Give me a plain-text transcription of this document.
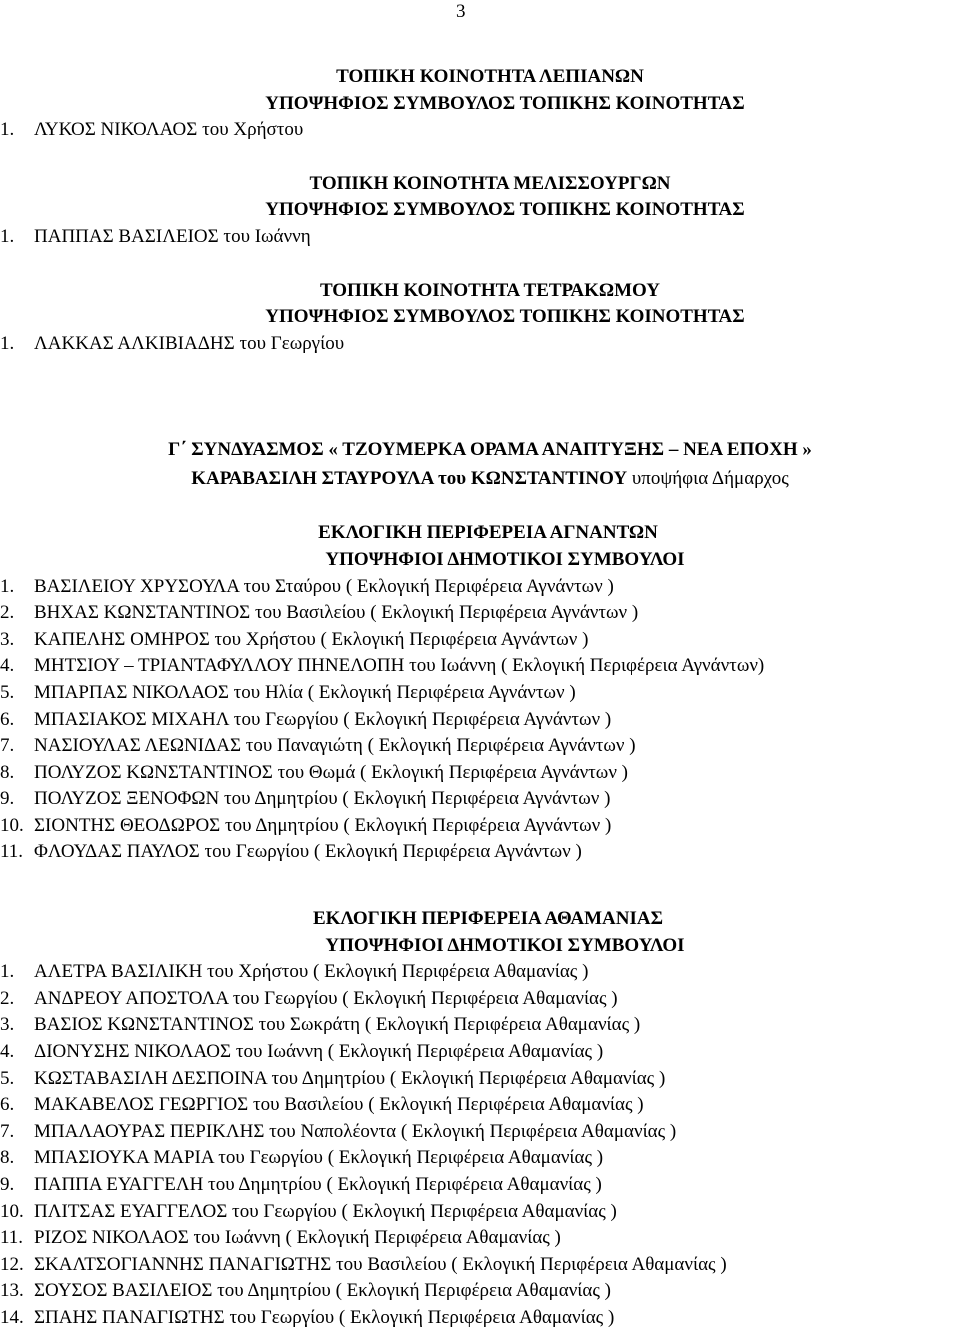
3
ΤΟΠΙΚΗ ΚΟΙΝΟΤΗΤΑ ΛΕΠΙΑΝΩΝ
ΥΠΟΨΗΦΙΟΣ ΣΥΜΒΟΥΛΟΣ ΤΟΠΙΚΗΣ ΚΟΙΝΟΤΗΤΑΣ
1. ΛΥΚΟΣ ΝΙΚΟΛΑΟΣ του Χρήστου
ΤΟΠΙΚΗ ΚΟΙΝΟΤΗΤΑ ΜΕΛΙΣΣΟΥΡΓΩΝ
ΥΠΟΨΗΦΙΟΣ ΣΥΜΒΟΥΛΟΣ ΤΟΠΙΚΗΣ ΚΟΙΝΟΤΗΤΑΣ
1. ΠΑΠΠΑΣ ΒΑΣΙΛΕΙΟΣ του Ιωάννη
ΤΟΠΙΚΗ ΚΟΙΝΟΤΗΤΑ ΤΕΤΡΑΚΩΜΟΥ
ΥΠΟΨΗΦΙΟΣ ΣΥΜΒΟΥΛΟΣ ΤΟΠΙΚΗΣ ΚΟΙΝΟΤΗΤΑΣ
1. ΛΑΚΚΑΣ ΑΛΚΙΒΙΑΔΗΣ του Γεωργίου
Γ΄ ΣΥΝΔΥΑΣΜΟΣ « ΤΖΟΥΜΕΡΚΑ ΟΡΑΜΑ ΑΝΑΠΤΥΞΗΣ – ΝΕΑ ΕΠΟΧΗ »
ΚΑΡΑΒΑΣΙΛΗ ΣΤΑΥΡΟΥΛΑ του ΚΩΝΣΤΑΝΤΙΝΟΥ υποψήφια Δήμαρχος
ΕΚΛΟΓΙΚΗ ΠΕΡΙΦΕΡΕΙΑ ΑΓΝΑΝΤΩΝ
ΥΠΟΨΗΦΙΟΙ ΔΗΜΟΤΙΚΟΙ ΣΥΜΒΟΥΛΟΙ
1. ΒΑΣΙΛΕΙΟΥ ΧΡΥΣΟΥΛΑ του Σταύρου ( Εκλογική Περιφέρεια Αγνάντων )
2. ΒΗΧΑΣ ΚΩΝΣΤΑΝΤΙΝΟΣ του Βασιλείου ( Εκλογική Περιφέρεια Αγνάντων )
3. ΚΑΠΕΛΗΣ ΟΜΗΡΟΣ του Χρήστου ( Εκλογική Περιφέρεια Αγνάντων )
4. ΜΗΤΣΙΟΥ – ΤΡΙΑΝΤΑΦΥΛΛΟΥ ΠΗΝΕΛΟΠΗ του Ιωάννη ( Εκλογική Περιφέρεια Αγνάντων)
5. ΜΠΑΡΠΑΣ ΝΙΚΟΛΑΟΣ του Ηλία ( Εκλογική Περιφέρεια Αγνάντων )
6. ΜΠΑΣΙΑΚΟΣ ΜΙΧΑΗΛ του Γεωργίου ( Εκλογική Περιφέρεια Αγνάντων )
7. ΝΑΣΙΟΥΛΑΣ ΛΕΩΝΙΔΑΣ του Παναγιώτη ( Εκλογική Περιφέρεια Αγνάντων )
8. ΠΟΛΥΖΟΣ ΚΩΝΣΤΑΝΤΙΝΟΣ του Θωμά ( Εκλογική Περιφέρεια Αγνάντων )
9. ΠΟΛΥΖΟΣ ΞΕΝΟΦΩΝ του Δημητρίου ( Εκλογική Περιφέρεια Αγνάντων )
10. ΣΙΟΝΤΗΣ ΘΕΟΔΩΡΟΣ του Δημητρίου ( Εκλογική Περιφέρεια Αγνάντων )
11. ΦΛΟΥΔΑΣ ΠΑΥΛΟΣ του Γεωργίου ( Εκλογική Περιφέρεια Αγνάντων )
ΕΚΛΟΓΙΚΗ ΠΕΡΙΦΕΡΕΙΑ ΑΘΑΜΑΝΙΑΣ
ΥΠΟΨΗΦΙΟΙ ΔΗΜΟΤΙΚΟΙ ΣΥΜΒΟΥΛΟΙ
1. ΑΛΕΤΡΑ ΒΑΣΙΛΙΚΗ του Χρήστου ( Εκλογική Περιφέρεια Αθαμανίας )
2. ΑΝΔΡΕΟΥ ΑΠΟΣΤΟΛΑ του Γεωργίου ( Εκλογική Περιφέρεια Αθαμανίας )
3. ΒΑΣΙΟΣ ΚΩΝΣΤΑΝΤΙΝΟΣ του Σωκράτη ( Εκλογική Περιφέρεια Αθαμανίας )
4. ΔΙΟΝΥΣΗΣ ΝΙΚΟΛΑΟΣ του Ιωάννη ( Εκλογική Περιφέρεια Αθαμανίας )
5. ΚΩΣΤΑΒΑΣΙΛΗ ΔΕΣΠΟΙΝΑ του Δημητρίου ( Εκλογική Περιφέρεια Αθαμανίας )
6. ΜΑΚΑΒΕΛΟΣ ΓΕΩΡΓΙΟΣ του Βασιλείου ( Εκλογική Περιφέρεια Αθαμανίας )
7. ΜΠΑΛΑΟΥΡΑΣ ΠΕΡΙΚΛΗΣ του Ναπολέοντα ( Εκλογική Περιφέρεια Αθαμανίας )
8. ΜΠΑΣΙΟΥΚΑ ΜΑΡΙΑ του Γεωργίου ( Εκλογική Περιφέρεια Αθαμανίας )
9. ΠΑΠΠΑ ΕΥΑΓΓΕΛΗ του Δημητρίου ( Εκλογική Περιφέρεια Αθαμανίας )
10. ΠΛΙΤΣΑΣ ΕΥΑΓΓΕΛΟΣ του Γεωργίου ( Εκλογική Περιφέρεια Αθαμανίας )
11. ΡΙΖΟΣ ΝΙΚΟΛΑΟΣ του Ιωάννη ( Εκλογική Περιφέρεια Αθαμανίας )
12. ΣΚΑΛΤΣΟΓΙΑΝΝΗΣ ΠΑΝΑΓΙΩΤΗΣ του Βασιλείου ( Εκλογική Περιφέρεια Αθαμανίας )
13. ΣΟΥΣΟΣ ΒΑΣΙΛΕΙΟΣ του Δημητρίου ( Εκλογική Περιφέρεια Αθαμανίας )
14. ΣΠΑΗΣ ΠΑΝΑΓΙΩΤΗΣ του Γεωργίου ( Εκλογική Περιφέρεια Αθαμανίας )
